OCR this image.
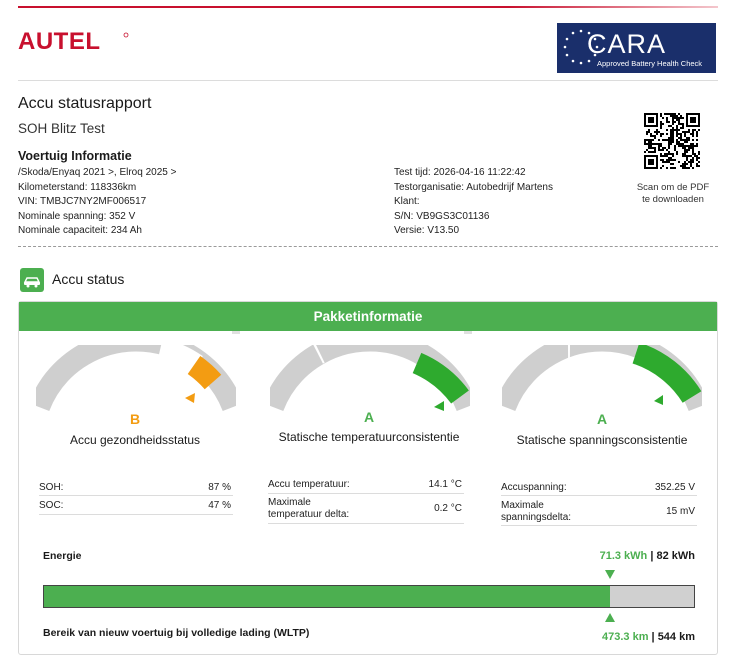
AUTEL	CARA
Approved Battery Health Check
Accu statusrapport
SOH Blitz Test
Voertuig Informatie
/Skoda/Enyaq 2021 >, Elroq 2025 >
Kilometerstand: 118336km
VIN: TMBJC7NY2MF006517
Nominale spanning: 352 V
Nominale capaciteit: 234 Ah
Test tijd: 2026-04-16 11:22:42
Testorganisatie: Autobedrijf Martens
Klant:
S/N: VB9GS3C01136
Versie: V13.50
Scan om de PDF
te downloaden
Accu status
Pakketinformatie
B
Accu gezondheidsstatus
A
Statische temperatuurconsistentie
A
Statische spanningsconsistentie
SOH:	87 %
SOC:	47 %
Accu temperatuur:	14.1 °C
Maximale
temperatuur delta:
0.2 °C
Accuspanning:	352.25 V
Maximale
spanningsdelta:
15 mV
Energie	71.3 kWh | 82 kWh
Bereik van nieuw voertuig bij volledige lading (WLTP)	473.3 km | 544 km
